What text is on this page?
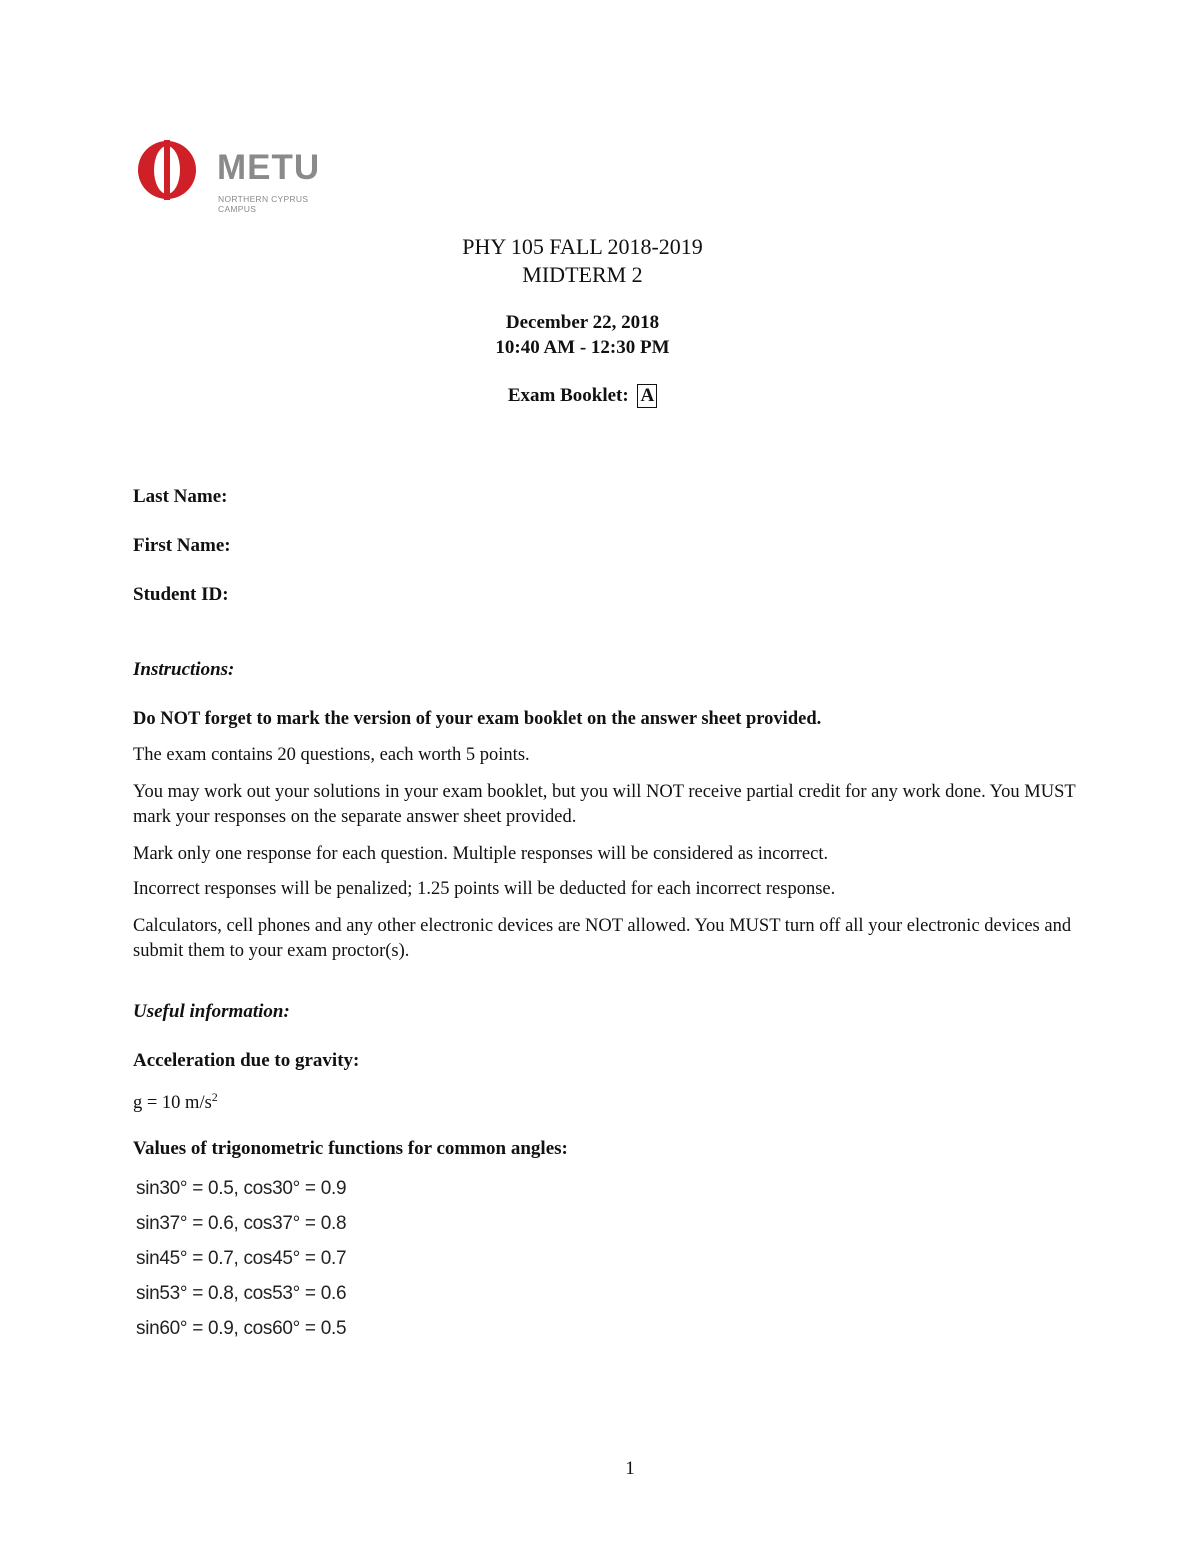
METU
NORTHERN CYPRUS
CAMPUS
PHY 105 FALL 2018-2019
MIDTERM 2
December 22, 2018
10:40 AM - 12:30 PM
Exam Booklet: A
Last Name:
First Name:
Student ID:
Instructions:
Do NOT forget to mark the version of your exam booklet on the answer sheet provided.
The exam contains 20 questions, each worth 5 points.
You may work out your solutions in your exam booklet, but you will NOT receive partial credit for any work done. You MUST mark your responses on the separate answer sheet provided.
Mark only one response for each question. Multiple responses will be considered as incorrect.
Incorrect responses will be penalized; 1.25 points will be deducted for each incorrect response.
Calculators, cell phones and any other electronic devices are NOT allowed. You MUST turn off all your electronic devices and submit them to your exam proctor(s).
Useful information:
Acceleration due to gravity:
g = 10 $m/s^2$
Values of trigonometric functions for common angles:
sin30° = 0.5, cos30° = 0.9
sin37° = 0.6, cos37° = 0.8
sin45° = 0.7, cos45° = 0.7
sin53° = 0.8, cos53° = 0.6
sin60° = 0.9, cos60° = 0.5
1
